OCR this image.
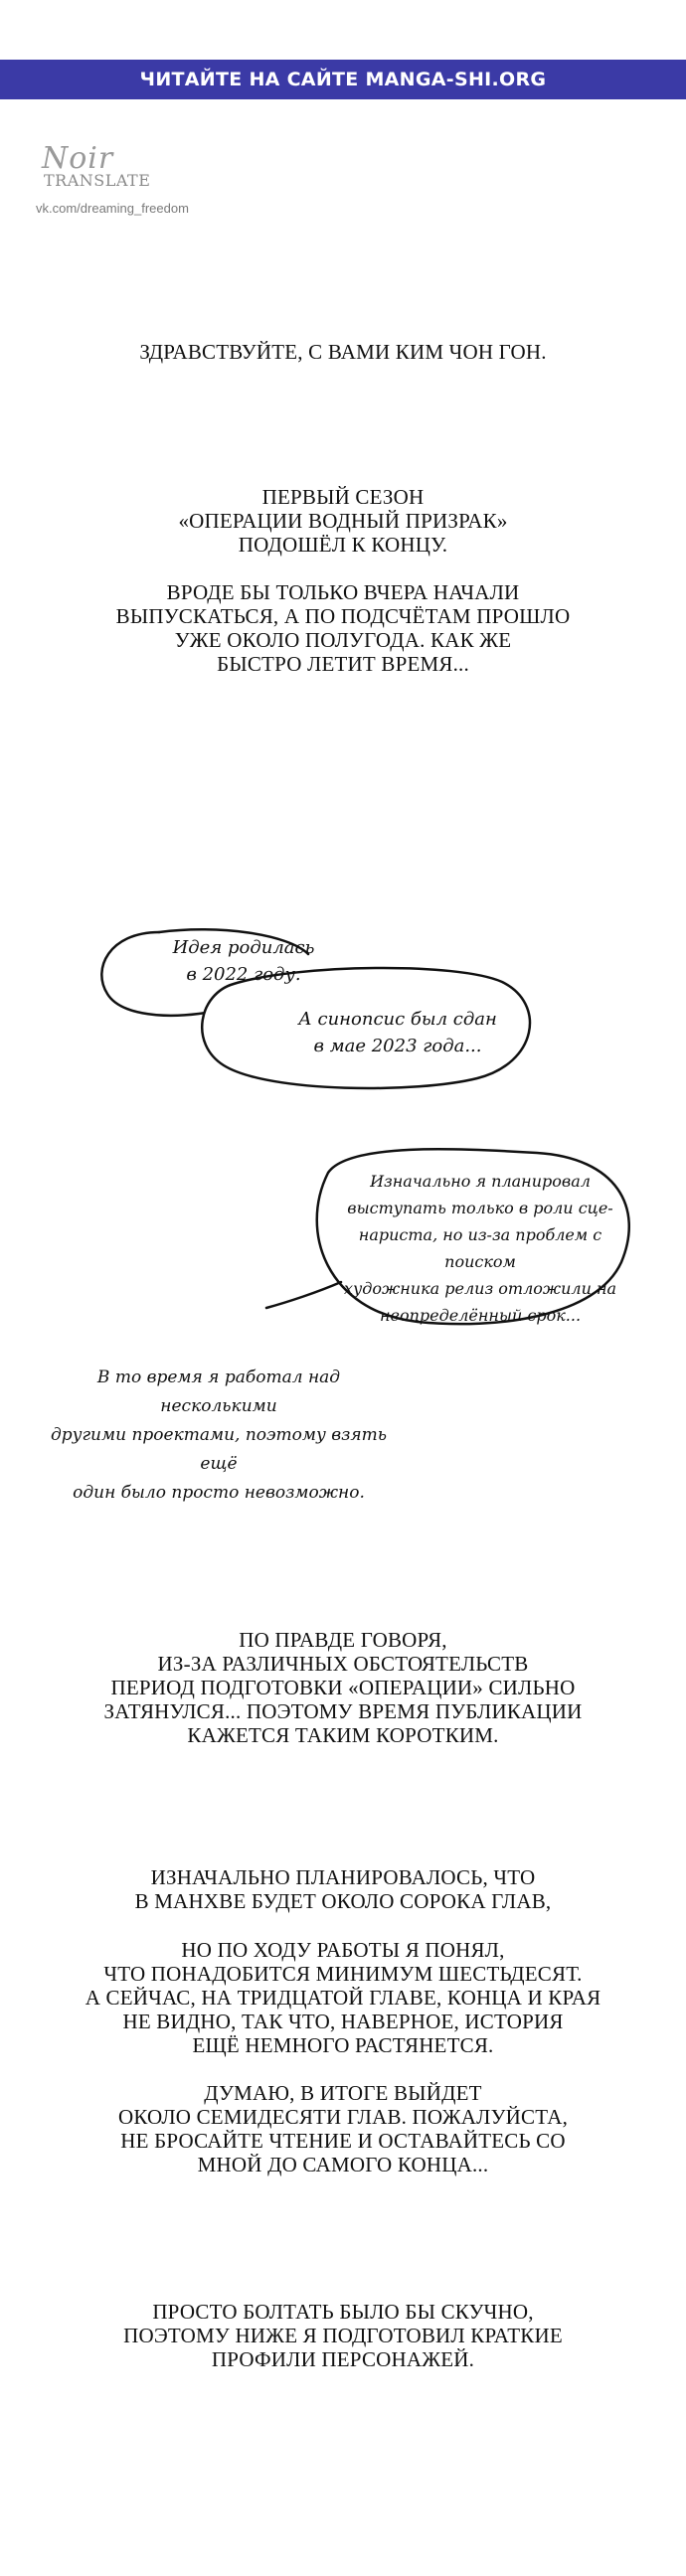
ЧИТАЙТЕ НА САЙТЕ MANGA-SHI.ORG
Noir
TRANSLATE
vk.com/dreaming_freedom
ЗДРАВСТВУЙТЕ, С ВАМИ КИМ ЧОН ГОН.
ПЕРВЫЙ СЕЗОН
«ОПЕРАЦИИ ВОДНЫЙ ПРИЗРАК»
ПОДОШЁЛ К КОНЦУ.
ВРОДЕ БЫ ТОЛЬКО ВЧЕРА НАЧАЛИ
ВЫПУСКАТЬСЯ, А ПО ПОДСЧЁТАМ ПРОШЛО
УЖЕ ОКОЛО ПОЛУГОДА. КАК ЖЕ
БЫСТРО ЛЕТИТ ВРЕМЯ...
Идея родилась
в 2022 году.
А синопсис был сдан
в мае 2023 года...
Изначально я планировал
выступать только в роли сце-
нариста, но из-за проблем с поиском
художника релиз отложили на
неопределённый срок...
В то время я работал над несколькими
другими проектами, поэтому взять ещё
один было просто невозможно.
ПО ПРАВДЕ ГОВОРЯ,
ИЗ-ЗА РАЗЛИЧНЫХ ОБСТОЯТЕЛЬСТВ
ПЕРИОД ПОДГОТОВКИ «ОПЕРАЦИИ» СИЛЬНО
ЗАТЯНУЛСЯ... ПОЭТОМУ ВРЕМЯ ПУБЛИКАЦИИ
КАЖЕТСЯ ТАКИМ КОРОТКИМ.
ИЗНАЧАЛЬНО ПЛАНИРОВАЛОСЬ, ЧТО
В МАНХВЕ БУДЕТ ОКОЛО СОРОКА ГЛАВ,
НО ПО ХОДУ РАБОТЫ Я ПОНЯЛ,
ЧТО ПОНАДОБИТСЯ МИНИМУМ ШЕСТЬДЕСЯТ.
А СЕЙЧАС, НА ТРИДЦАТОЙ ГЛАВЕ, КОНЦА И КРАЯ
НЕ ВИДНО, ТАК ЧТО, НАВЕРНОЕ, ИСТОРИЯ
ЕЩЁ НЕМНОГО РАСТЯНЕТСЯ.
ДУМАЮ, В ИТОГЕ ВЫЙДЕТ
ОКОЛО СЕМИДЕСЯТИ ГЛАВ. ПОЖАЛУЙСТА,
НЕ БРОСАЙТЕ ЧТЕНИЕ И ОСТАВАЙТЕСЬ СО
МНОЙ ДО САМОГО КОНЦА...
ПРОСТО БОЛТАТЬ БЫЛО БЫ СКУЧНО,
ПОЭТОМУ НИЖЕ Я ПОДГОТОВИЛ КРАТКИЕ
ПРОФИЛИ ПЕРСОНАЖЕЙ.
